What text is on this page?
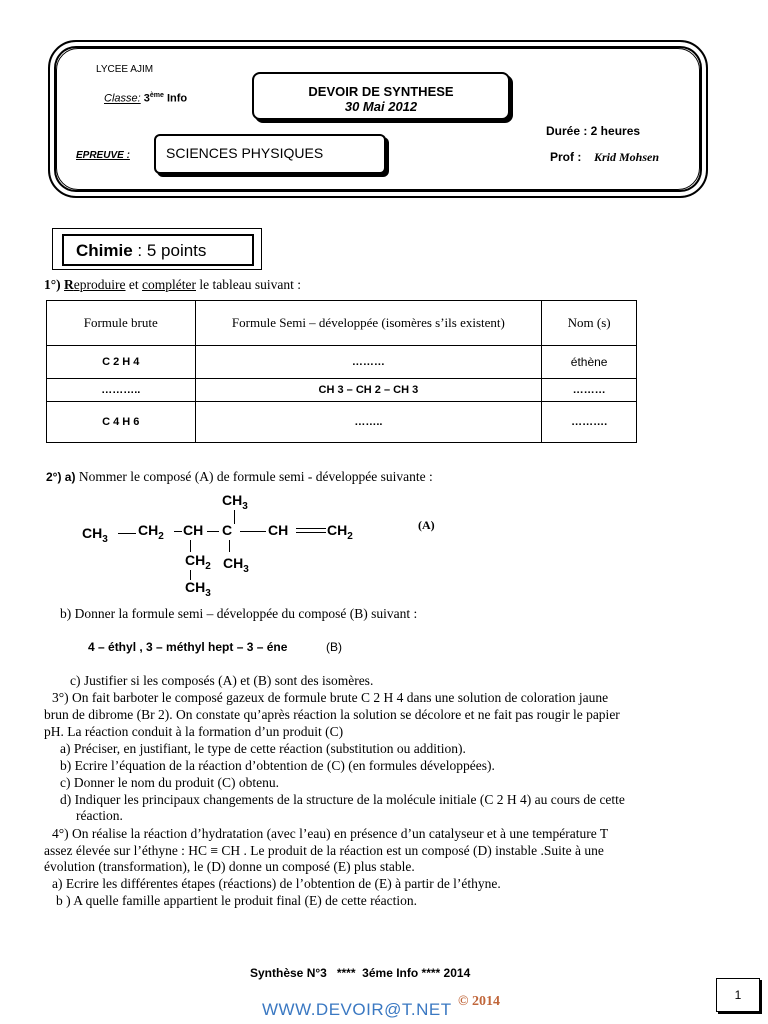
LYCEE AJIM
Classe: 3ème Info	DEVOIR DE SYNTHESE
30 Mai 2012
Durée : 2 heures
EPREUVE :	SCIENCES PHYSIQUES	Prof : Krid Mohsen
Chimie : 5 points
1°) Reproduire et compléter le tableau suivant :
Formule brute	Formule Semi – développée (isomères s’ils existent)	Nom (s)
C 2 H 4	………	éthène
………..	CH 3 – CH 2 – CH 3	………
C 4 H 6	……..	……….
2°) a) Nommer le composé (A) de formule semi - développée suivante :
$CH_3$
$CH_3$
$CH_2$ CH C	CH	$CH_2$
$CH_2$ $CH_3$
$CH_3$
(A)
b) Donner la formule semi – développée du composé (B) suivant :
4 – éthyl , 3 – méthyl hept – 3 – éne	(B)
c) Justifier si les composés (A) et (B) sont des isomères.
3°) On fait barboter le composé gazeux de formule brute C 2 H 4 dans une solution de coloration jaune
brun de dibrome (Br 2). On constate qu’après réaction la solution se décolore et ne fait pas rougir le papier
pH. La réaction conduit à la formation d’un produit (C)
a) Préciser, en justifiant, le type de cette réaction (substitution ou addition).
b) Ecrire l’équation de la réaction d’obtention de (C) (en formules développées).
c) Donner le nom du produit (C) obtenu.
d) Indiquer les principaux changements de la structure de la molécule initiale (C 2 H 4) au cours de cette
réaction.
4°) On réalise la réaction d’hydratation (avec l’eau) en présence d’un catalyseur et à une température T
assez élevée sur l’éthyne : HC ≡ CH . Le produit de la réaction est un composé (D) instable .Suite à une
évolution (transformation), le (D) donne un composé (E) plus stable.
a) Ecrire les différentes étapes (réactions) de l’obtention de (E) à partir de l’éthyne.
b ) A quelle famille appartient le produit final (E) de cette réaction.
Synthèse N°3   ****  3éme Info **** 2014
WWW.DEVOIR@T.NET © 2014	1
